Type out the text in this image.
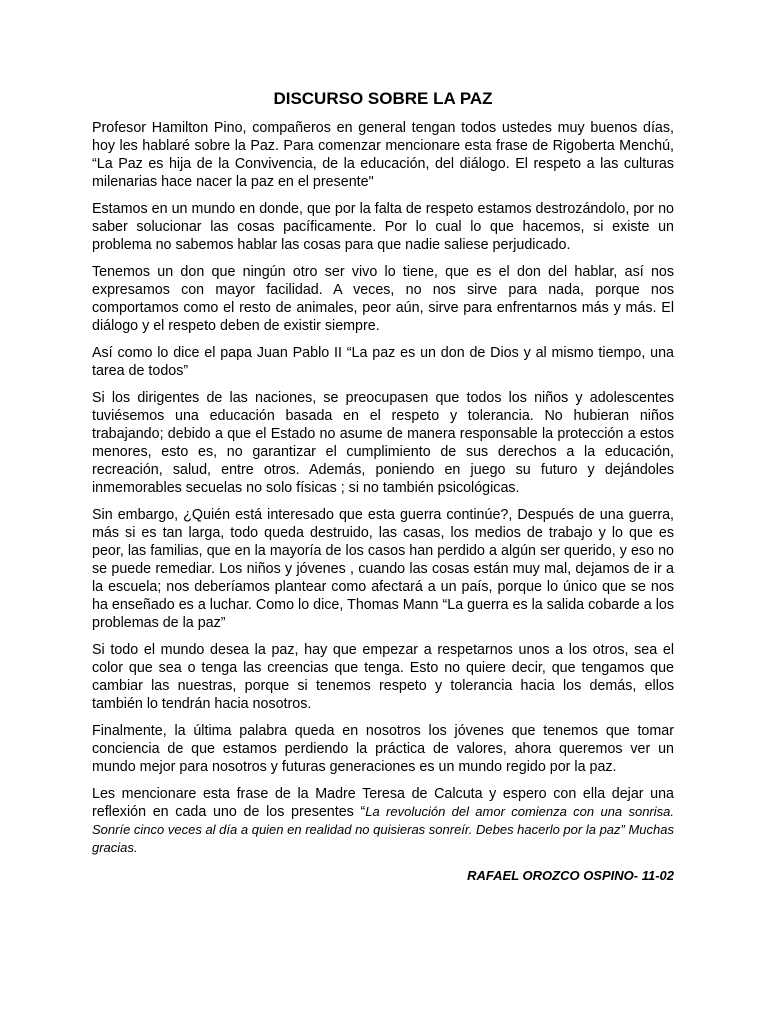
DISCURSO SOBRE LA PAZ

Profesor Hamilton Pino, compañeros en general tengan todos ustedes muy buenos días, hoy les hablaré sobre la Paz. Para comenzar mencionare esta frase de Rigoberta Menchú, “La Paz es hija de la Convivencia, de la educación, del diálogo. El respeto a las culturas milenarias hace nacer la paz en el presente"

Estamos en un mundo en donde, que por la falta de respeto estamos destrozándolo, por no saber solucionar las cosas pacíficamente. Por lo cual lo que hacemos, si existe un problema no sabemos hablar las cosas para que nadie saliese perjudicado.

Tenemos un don que ningún otro ser vivo lo tiene, que es el don del hablar, así nos expresamos con mayor facilidad. A veces, no nos sirve para nada, porque nos comportamos como el resto de animales, peor aún, sirve para enfrentarnos más y más. El diálogo y el respeto deben de existir siempre.

Así como lo dice el papa Juan Pablo II “La paz es un don de Dios y al mismo tiempo, una tarea de todos”

Si los dirigentes de las naciones, se preocupasen que todos los niños y adolescentes tuviésemos una educación basada en el respeto y tolerancia. No hubieran niños trabajando; debido a que el Estado no asume de manera responsable la protección a estos menores, esto es, no garantizar el cumplimiento de sus derechos a la educación, recreación, salud, entre otros. Además, poniendo en juego su futuro y dejándoles inmemorables secuelas no solo físicas ; si no también psicológicas.

Sin embargo, ¿Quién está interesado que esta guerra continúe?, Después de una guerra, más si es tan larga, todo queda destruido, las casas, los medios de trabajo y lo que es peor, las familias, que en la mayoría de los casos han perdido a algún ser querido, y eso no se puede remediar. Los niños y jóvenes , cuando las cosas están muy mal, dejamos de ir a la escuela; nos deberíamos plantear como afectará a un país, porque lo único que se nos ha enseñado es a luchar. Como lo dice, Thomas Mann “La guerra es la salida cobarde a los problemas de la paz”

Si todo el mundo desea la paz, hay que empezar a respetarnos unos a los otros, sea el color que sea o tenga las creencias que tenga. Esto no quiere decir, que tengamos que cambiar las nuestras, porque si tenemos respeto y tolerancia hacia los demás, ellos también lo tendrán hacia nosotros.

Finalmente, la última palabra queda en nosotros los jóvenes que tenemos que tomar conciencia de que estamos perdiendo la práctica de valores, ahora queremos ver un mundo mejor para nosotros y futuras generaciones es un mundo regido por la paz.

Les mencionare esta frase de la Madre Teresa de Calcuta y espero con ella dejar una reflexión en cada uno de los presentes “La revolución del amor comienza con una sonrisa. Sonríe cinco veces al día a quien en realidad no quisieras sonreír. Debes hacerlo por la paz” Muchas gracias.

RAFAEL OROZCO OSPINO- 11-02
